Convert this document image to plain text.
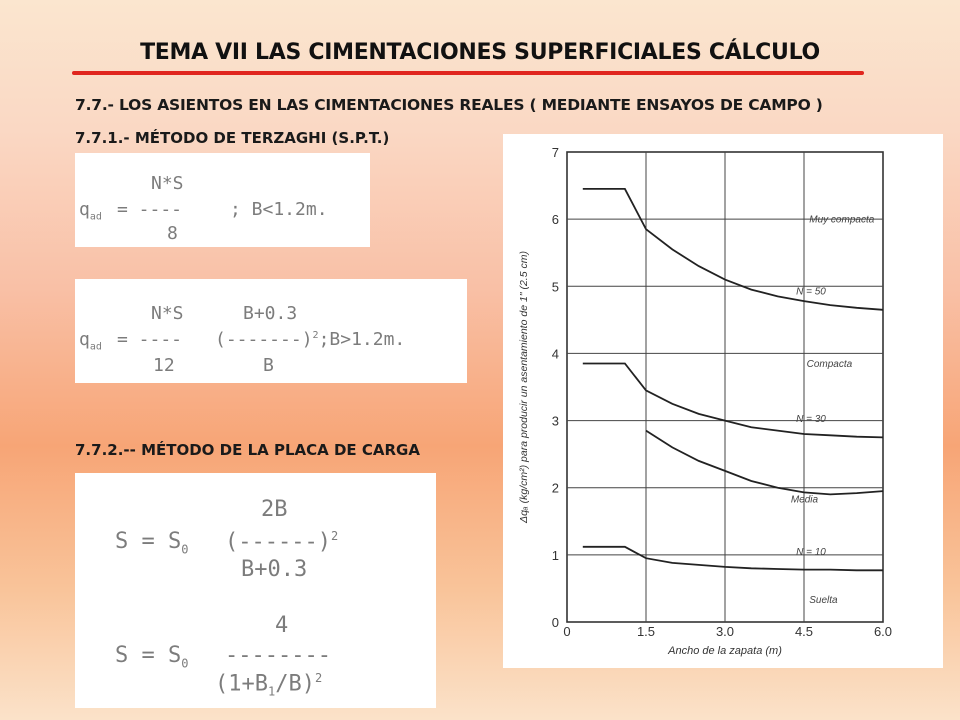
TEMA VII LAS CIMENTACIONES SUPERFICIALES CÁLCULO
7.7.- LOS ASIENTOS EN LAS CIMENTACIONES REALES ( MEDIANTE ENSAYOS DE CAMPO )
7.7.1.- MÉTODO DE TERZAGHI (S.P.T.)
N*S
$q_{ad}$ = ----	; B<1.2m.
8
N*S	B+0.3
$q_{ad}$ = ---- $(-------)^2;B>1.2m$.
12	B
7.7.2.-- MÉTODO DE LA PLACA DE CARGA
2B
$S = S_0$ $(------)^2$
B+0.3
4
$S = S_0$ --------
$(1+B_1/B)^2$
0
1
2
3
4
5
6
7
0	1.5	3.0	4.5	6.0
Ancho de la zapata (m)
Δqₐ (kg/cm²) para producir un asentamiento de 1" (2.5 cm)
Muy compacta
N = 50
Compacta
N = 30
Media
N = 10
Suelta
